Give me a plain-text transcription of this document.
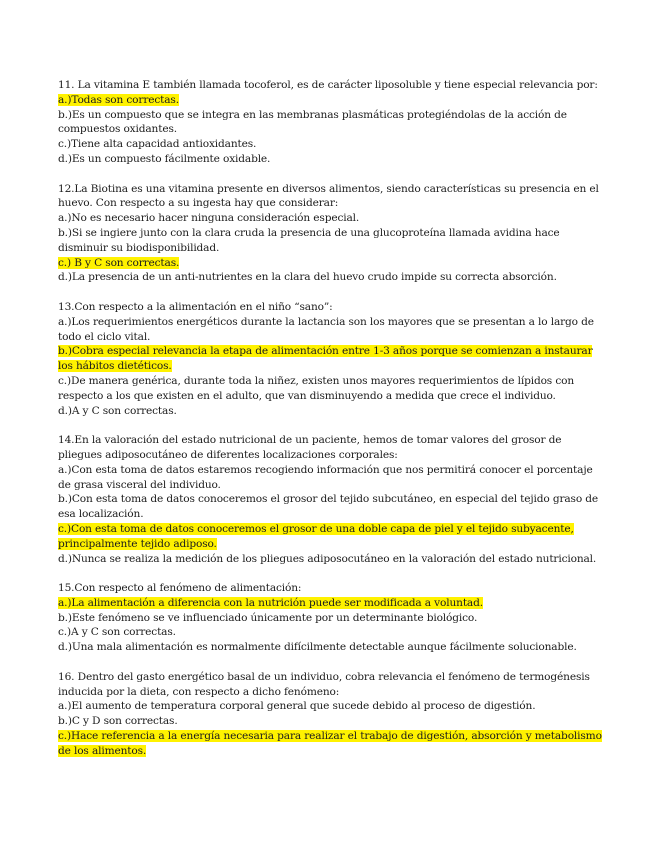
11. La vitamina E también llamada tocoferol, es de carácter liposoluble y tiene especial relevancia por:
a.)Todas son correctas.
b.)Es un compuesto que se integra en las membranas plasmáticas protegiéndolas de la acción de compuestos oxidantes.
c.)Tiene alta capacidad antioxidantes.
d.)Es un compuesto fácilmente oxidable.
12.La Biotina es una vitamina presente en diversos alimentos, siendo características su presencia en el huevo. Con respecto a su ingesta hay que considerar:
a.)No es necesario hacer ninguna consideración especial.
b.)Si se ingiere junto con la clara cruda la presencia de una glucoproteína llamada avidina hace disminuir su biodisponibilidad.
c.) B y C son correctas.
d.)La presencia de un anti-nutrientes en la clara del huevo crudo impide su correcta absorción.
13.Con respecto a la alimentación en el niño “sano”:
a.)Los requerimientos energéticos durante la lactancia son los mayores que se presentan a lo largo de todo el ciclo vital.
b.)Cobra especial relevancia la etapa de alimentación entre 1-3 años porque se comienzan a instaurar los hábitos dietéticos.
c.)De manera genérica, durante toda la niñez, existen unos mayores requerimientos de lípidos con respecto a los que existen en el adulto, que van disminuyendo a medida que crece el individuo.
d.)A y C son correctas.
14.En la valoración del estado nutricional de un paciente, hemos de tomar valores del grosor de pliegues adiposocutáneo de diferentes localizaciones corporales:
a.)Con esta toma de datos estaremos recogiendo información que nos permitirá conocer el porcentaje de grasa visceral del individuo.
b.)Con esta toma de datos conoceremos el grosor del tejido subcutáneo, en especial del tejido graso de esa localización.
c.)Con esta toma de datos conoceremos el grosor de una doble capa de piel y el tejido subyacente, principalmente tejido adiposo.
d.)Nunca se realiza la medición de los pliegues adiposocutáneo en la valoración del estado nutricional.
15.Con respecto al fenómeno de alimentación:
a.)La alimentación a diferencia con la nutrición puede ser modificada a voluntad.
b.)Este fenómeno se ve influenciado únicamente por un determinante biológico.
c.)A y C son correctas.
d.)Una mala alimentación es normalmente difícilmente detectable aunque fácilmente solucionable.
16. Dentro del gasto energético basal de un individuo, cobra relevancia el fenómeno de termogénesis inducida por la dieta, con respecto a dicho fenómeno:
a.)El aumento de temperatura corporal general que sucede debido al proceso de digestión.
b.)C y D son correctas.
c.)Hace referencia a la energía necesaria para realizar el trabajo de digestión, absorción y metabolismo de los alimentos.
